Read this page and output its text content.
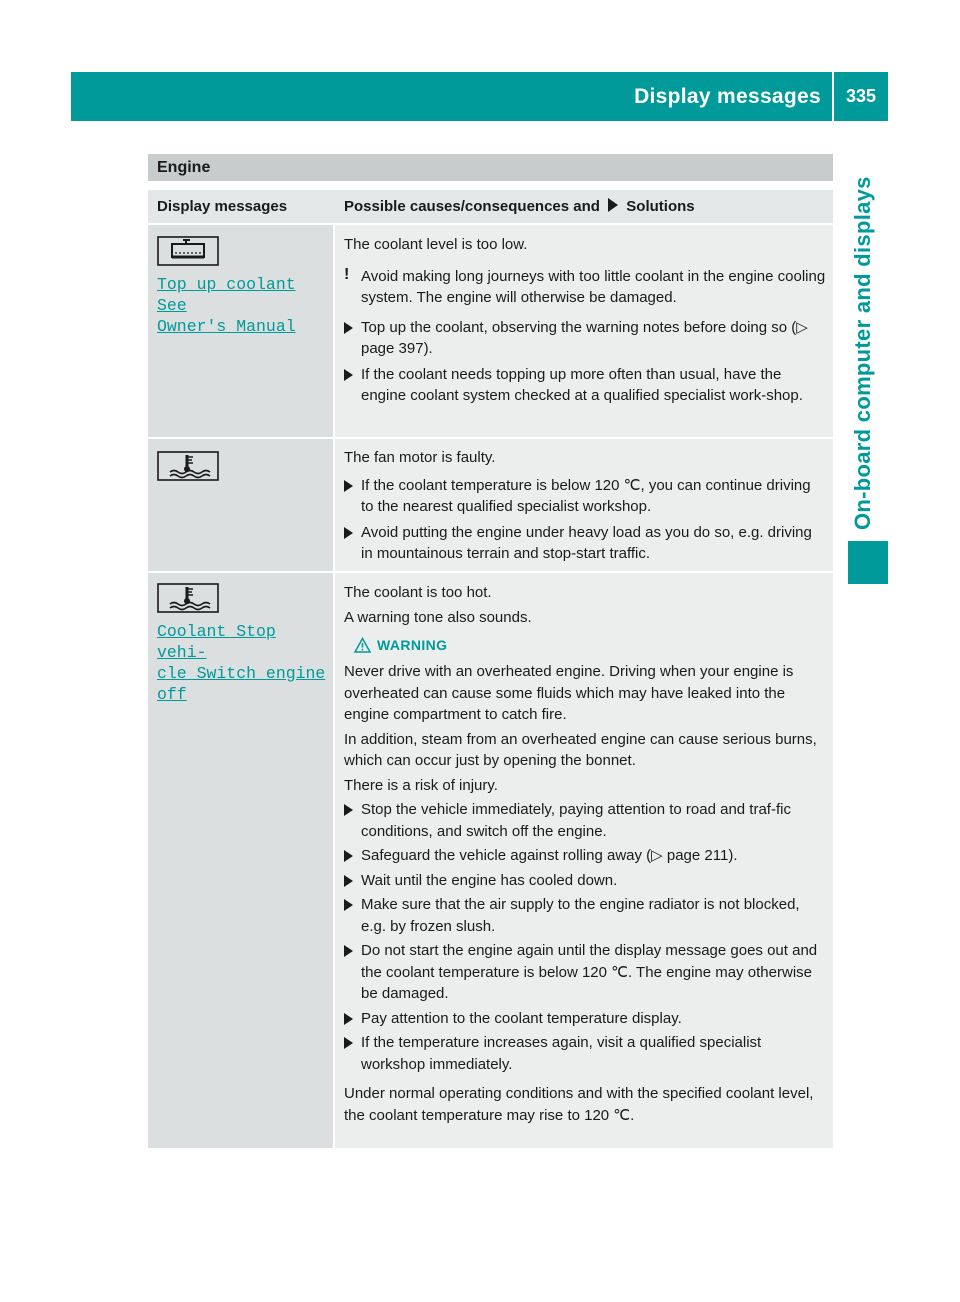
Display messages	335
On-board computer and displays
Engine
Display messages	Possible causes/consequences and Solutions
Top up coolant See
Owner's Manual

The coolant level is too low.

! Avoid making long journeys with too little coolant in the engine cooling system. The engine will otherwise be damaged.

Top up the coolant, observing the warning notes before doing so (▷ page 397).

If the coolant needs topping up more often than usual, have the engine coolant system checked at a qualified specialist work-shop.

The fan motor is faulty.

If the coolant temperature is below 120 ℃, you can continue driving to the nearest qualified specialist workshop.

Avoid putting the engine under heavy load as you do so, e.g. driving in mountainous terrain and stop-start traffic.

Coolant Stop vehi‐
cle Switch engine
off

The coolant is too hot.

A warning tone also sounds.

WARNING

Never drive with an overheated engine. Driving when your engine is overheated can cause some fluids which may have leaked into the engine compartment to catch fire.

In addition, steam from an overheated engine can cause serious burns, which can occur just by opening the bonnet.

There is a risk of injury.

Stop the vehicle immediately, paying attention to road and traf-fic conditions, and switch off the engine.

Safeguard the vehicle against rolling away (▷ page 211).

Wait until the engine has cooled down.

Make sure that the air supply to the engine radiator is not blocked, e.g. by frozen slush.

Do not start the engine again until the display message goes out and the coolant temperature is below 120 ℃. The engine may otherwise be damaged.

Pay attention to the coolant temperature display.

If the temperature increases again, visit a qualified specialist workshop immediately.

Under normal operating conditions and with the specified coolant level, the coolant temperature may rise to 120 ℃.
